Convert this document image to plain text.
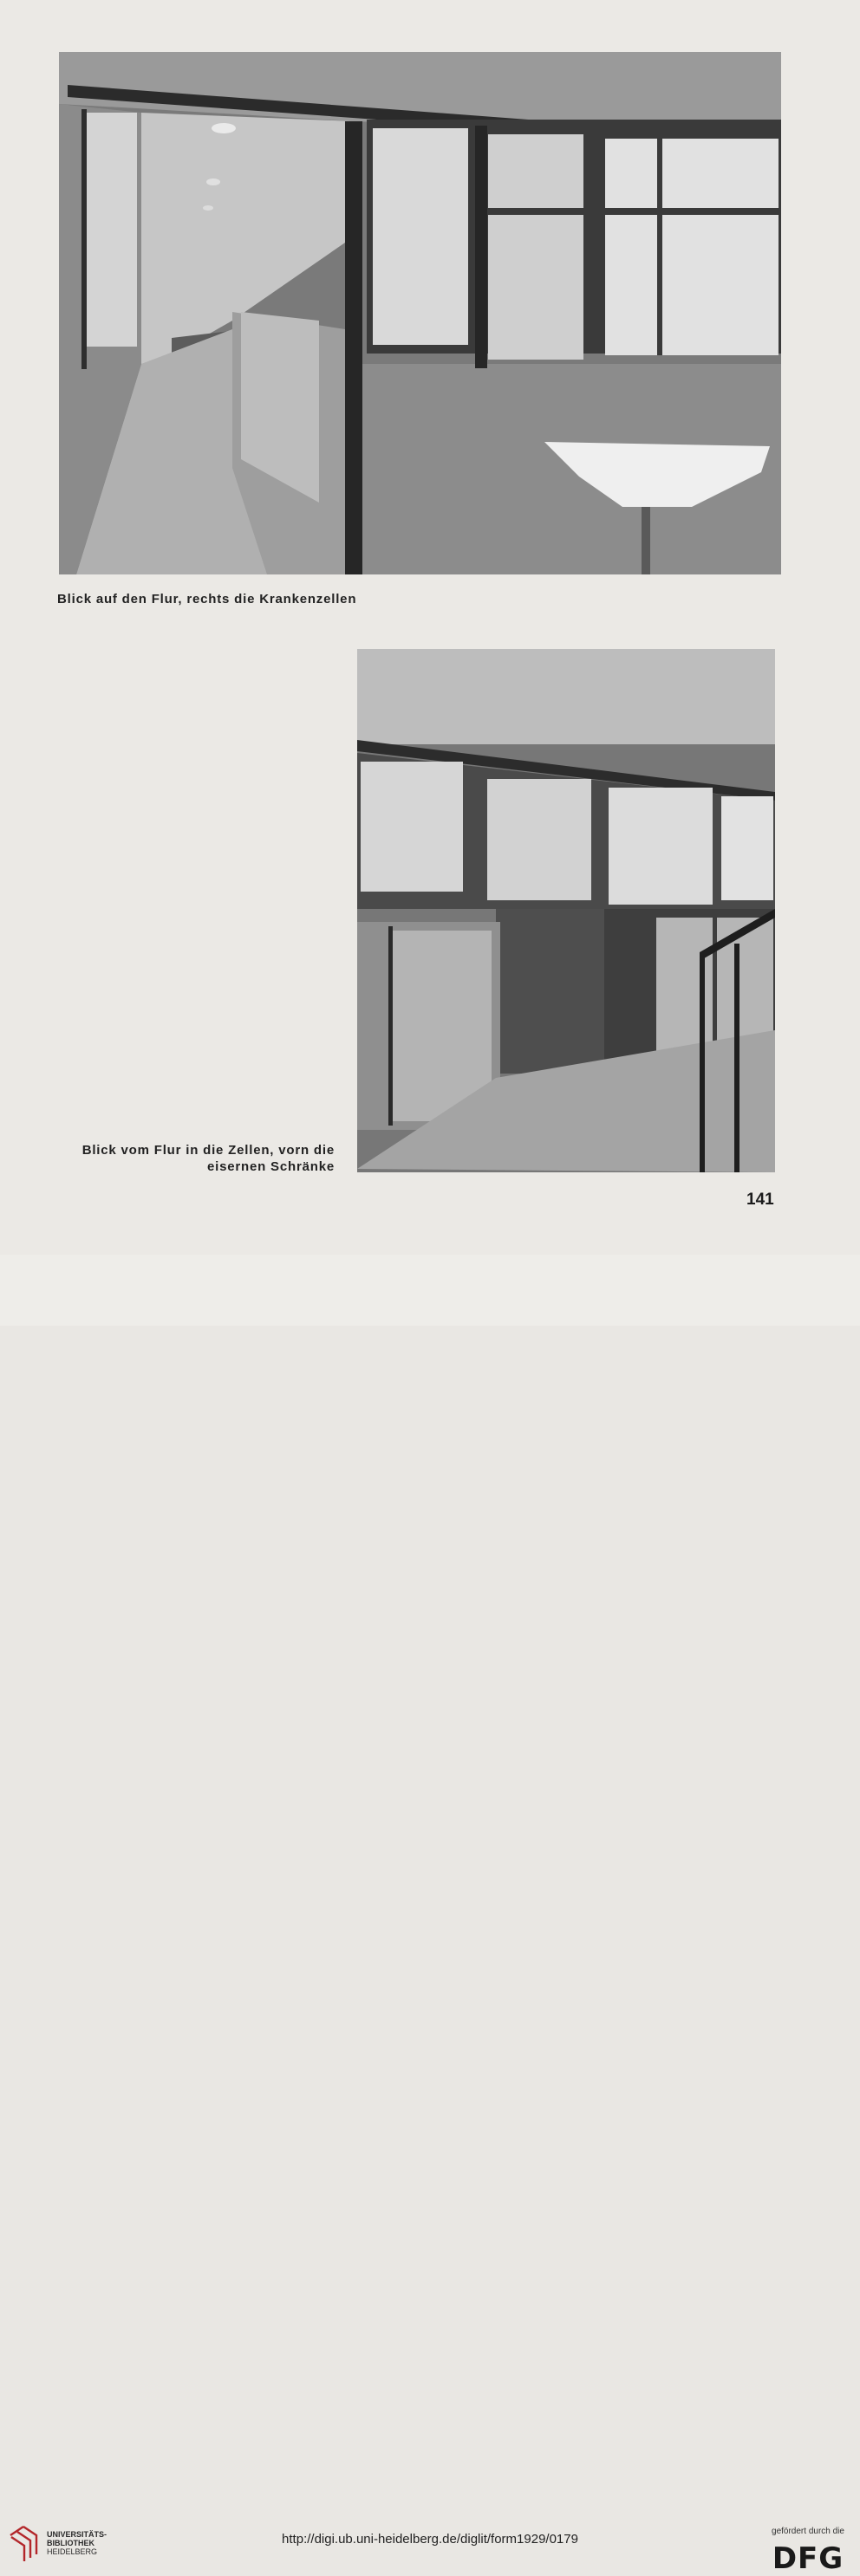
Blick auf den Flur, rechts die Krankenzellen
Blick vom Flur in die Zellen, vorn die
eisernen Schränke
141
UNIVERSITÄTS-
BIBLIOTHEK
HEIDELBERG
http://digi.ub.uni-heidelberg.de/diglit/form1929/0179
gefördert durch die
DFG
